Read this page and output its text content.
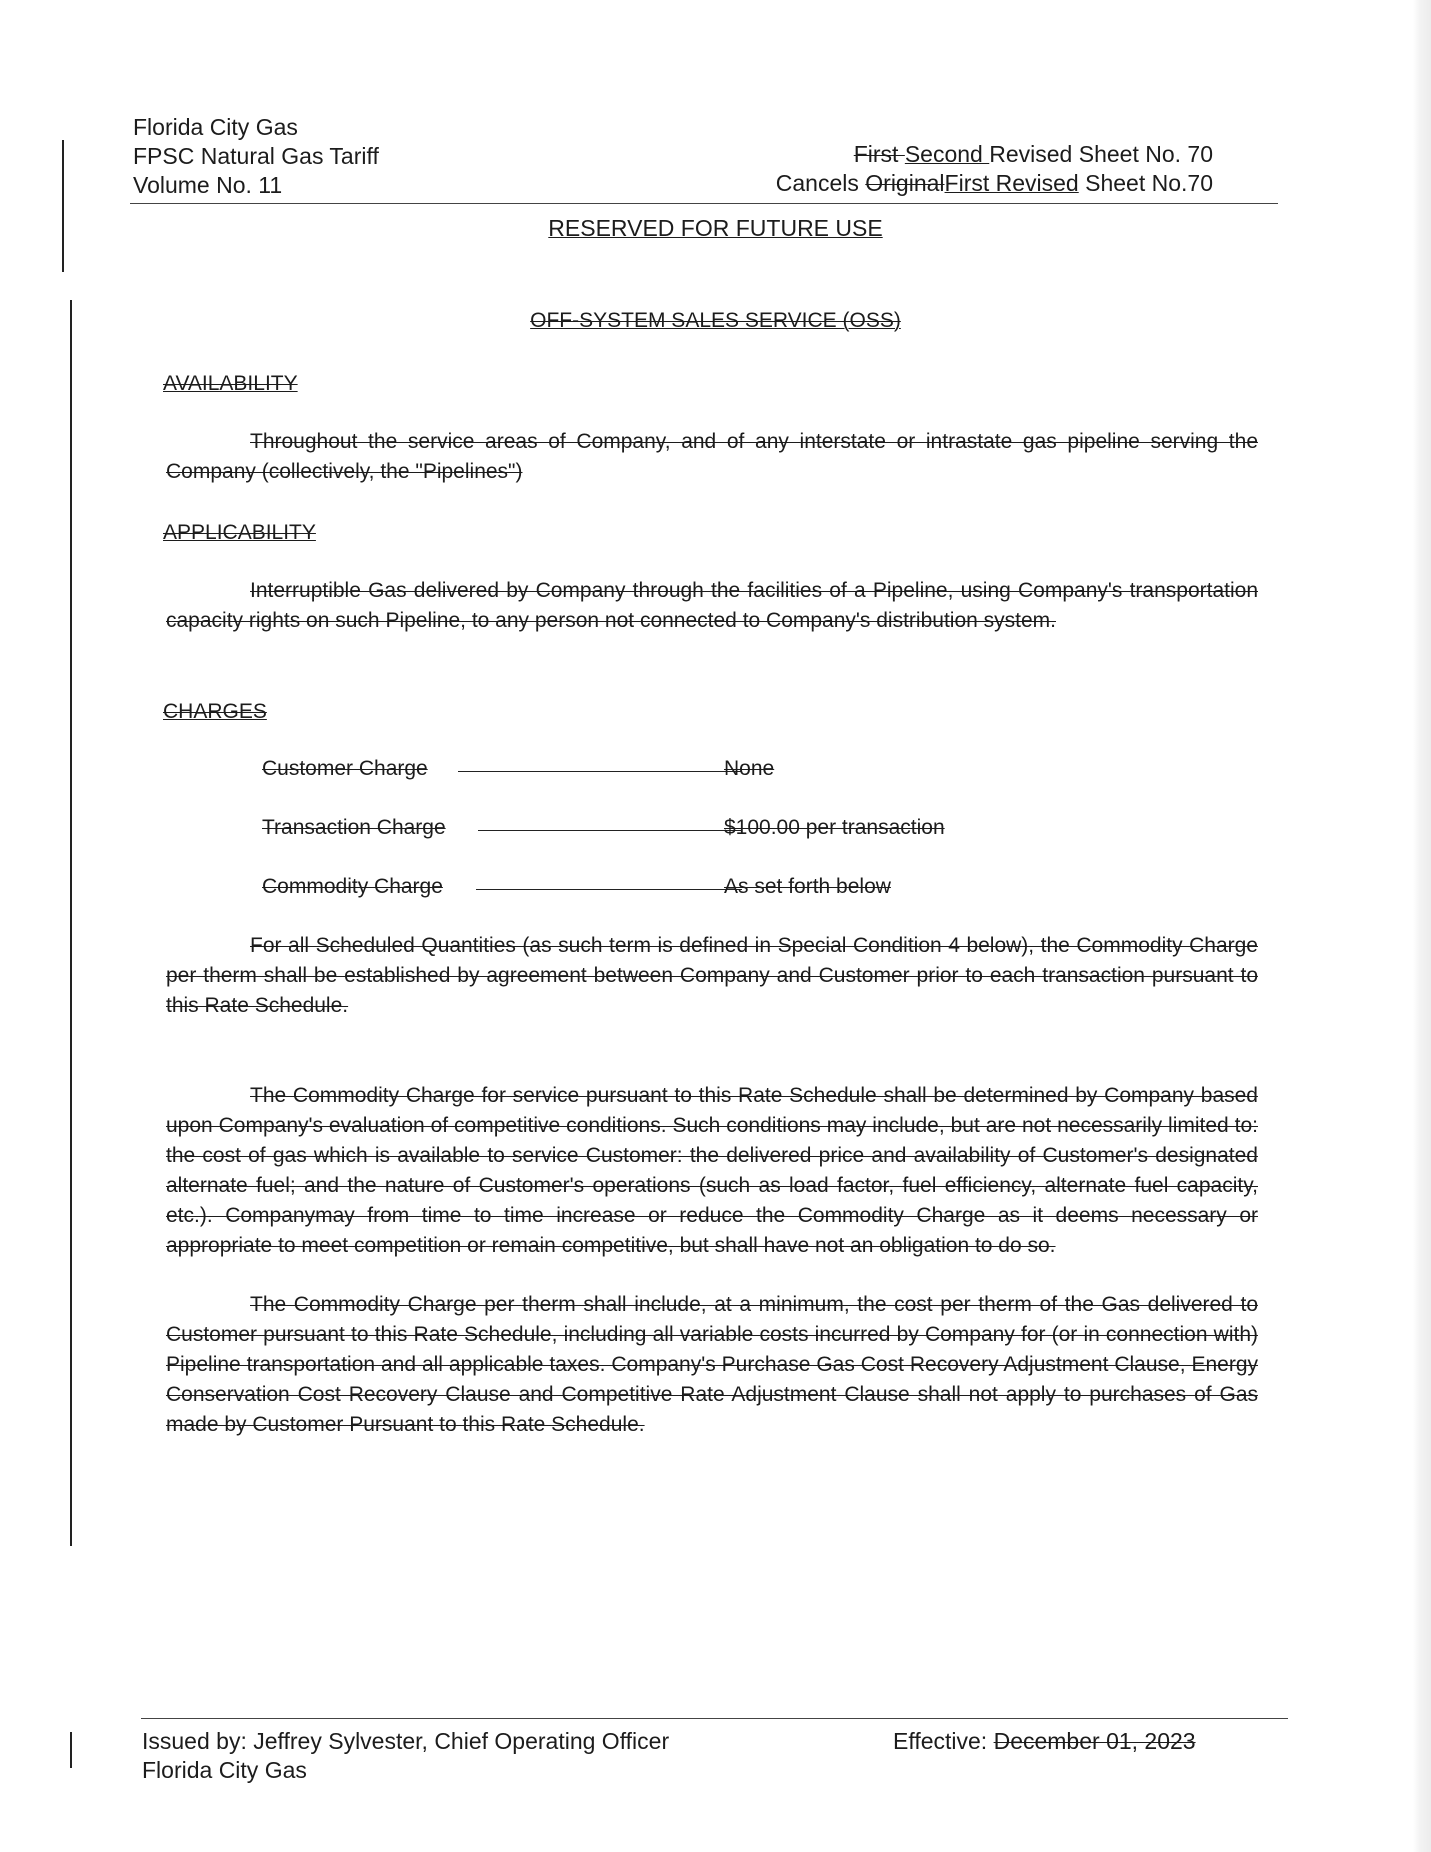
Florida City Gas
FPSC Natural Gas Tariff
Volume No. 11
First Second Revised Sheet No. 70
Cancels OriginalFirst Revised Sheet No.70
RESERVED FOR FUTURE USE
OFF-SYSTEM SALES SERVICE (OSS)
AVAILABILITY
Throughout the service areas of Company, and of any interstate or intrastate gas pipeline serving the Company (collectively, the "Pipelines")
APPLICABILITY
Interruptible Gas delivered by Company through the facilities of a Pipeline, using Company's transportation capacity rights on such Pipeline, to any person not connected to Company's distribution system.
CHARGES
Customer Charge	None
Transaction Charge	$100.00 per transaction
Commodity Charge	As set forth below
For all Scheduled Quantities (as such term is defined in Special Condition 4 below), the Commodity Charge per therm shall be established by agreement between Company and Customer prior to each transaction pursuant to this Rate Schedule.
The Commodity Charge for service pursuant to this Rate Schedule shall be determined by Company based upon Company's evaluation of competitive conditions. Such conditions may include, but are not necessarily limited to: the cost of gas which is available to service Customer: the delivered price and availability of Customer's designated alternate fuel; and the nature of Customer's operations (such as load factor, fuel efficiency, alternate fuel capacity, etc.). Companymay from time to time increase or reduce the Commodity Charge as it deems necessary or appropriate to meet competition or remain competitive, but shall have not an obligation to do so.
The Commodity Charge per therm shall include, at a minimum, the cost per therm of the Gas delivered to Customer pursuant to this Rate Schedule, including all variable costs incurred by Company for (or in connection with) Pipeline transportation and all applicable taxes. Company's Purchase Gas Cost Recovery Adjustment Clause, Energy Conservation Cost Recovery Clause and Competitive Rate Adjustment Clause shall not apply to purchases of Gas made by Customer Pursuant to this Rate Schedule.
Issued by: Jeffrey Sylvester, Chief Operating Officer
Florida City Gas
Effective: December 01, 2023
